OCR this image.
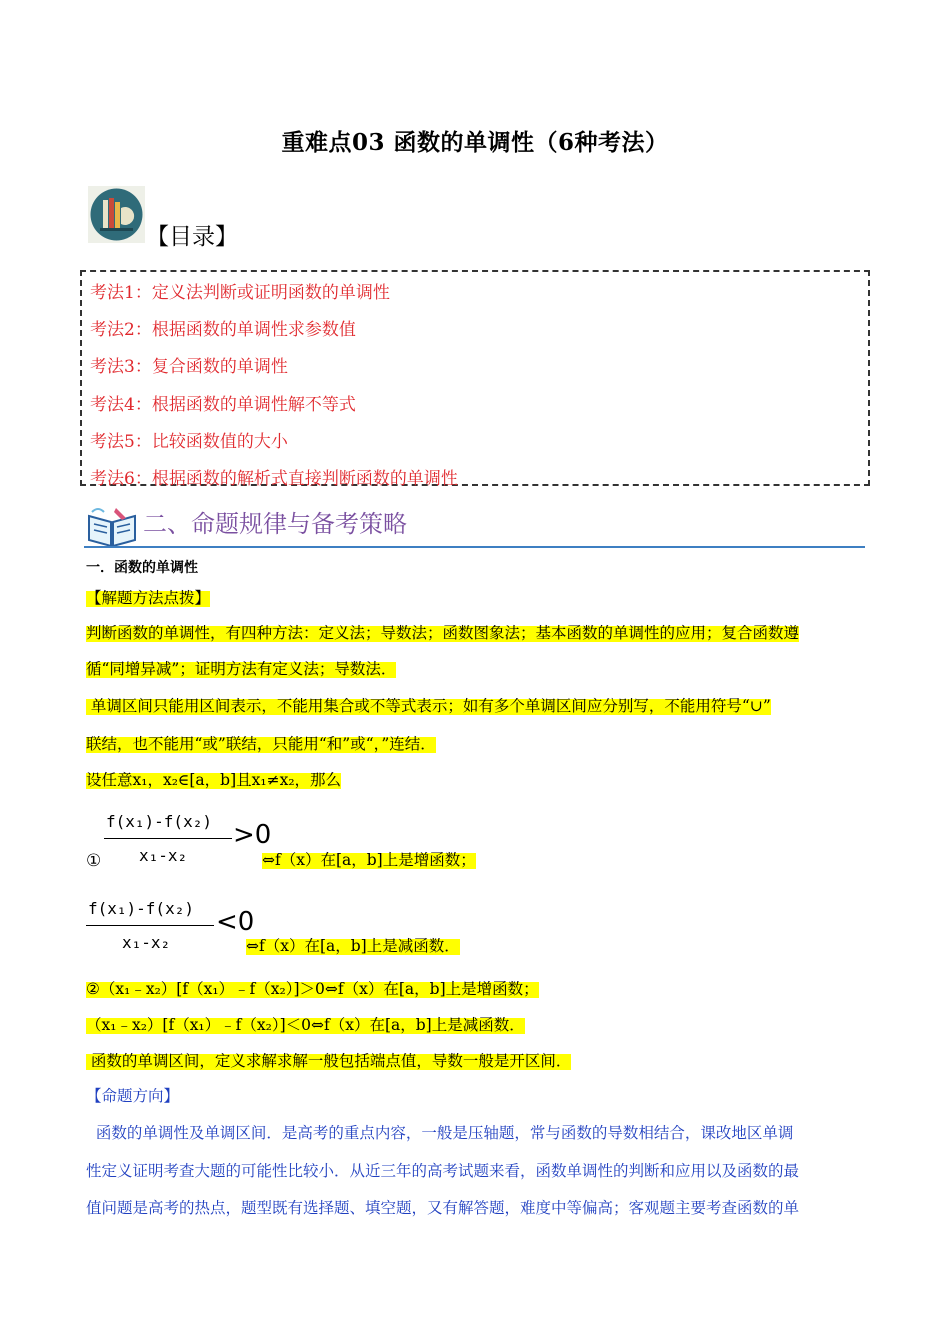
重难点03 函数的单调性（6种考法）
【目录】
考法1：定义法判断或证明函数的单调性
考法2：根据函数的单调性求参数值
考法3：复合函数的单调性
考法4：根据函数的单调性解不等式
考法5：比较函数值的大小
考法6：根据函数的解析式直接判断函数的单调性
二、命题规律与备考策略
一．函数的单调性
【解题方法点拨】
判断函数的单调性，有四种方法：定义法；导数法；函数图象法；基本函数的单调性的应用；复合函数遵
循“同增异减”；证明方法有定义法；导数法．
单调区间只能用区间表示，不能用集合或不等式表示；如有多个单调区间应分别写，不能用符号“∪”
联结，也不能用“或”联结，只能用“和”或“，”连结．
设任意x₁，x₂∈[a，b]且x₁≠x₂，那么
f(x₁)-f(x₂)
x₁-x₂
>0
①	⇔f（x）在[a，b]上是增函数；
f(x₁)-f(x₂)
x₁-x₂
<0
⇔f（x）在[a，b]上是减函数．
②（x₁﹣x₂）[f（x₁）﹣f（x₂）]＞0⇔f（x）在[a，b]上是增函数；
（x₁﹣x₂）[f（x₁）﹣f（x₂）]＜0⇔f（x）在[a，b]上是减函数．
函数的单调区间，定义求解求解一般包括端点值，导数一般是开区间．
【命题方向】
函数的单调性及单调区间．是高考的重点内容，一般是压轴题，常与函数的导数相结合，课改地区单调
性定义证明考查大题的可能性比较小．从近三年的高考试题来看，函数单调性的判断和应用以及函数的最
值问题是高考的热点，题型既有选择题、填空题，又有解答题，难度中等偏高；客观题主要考查函数的单
